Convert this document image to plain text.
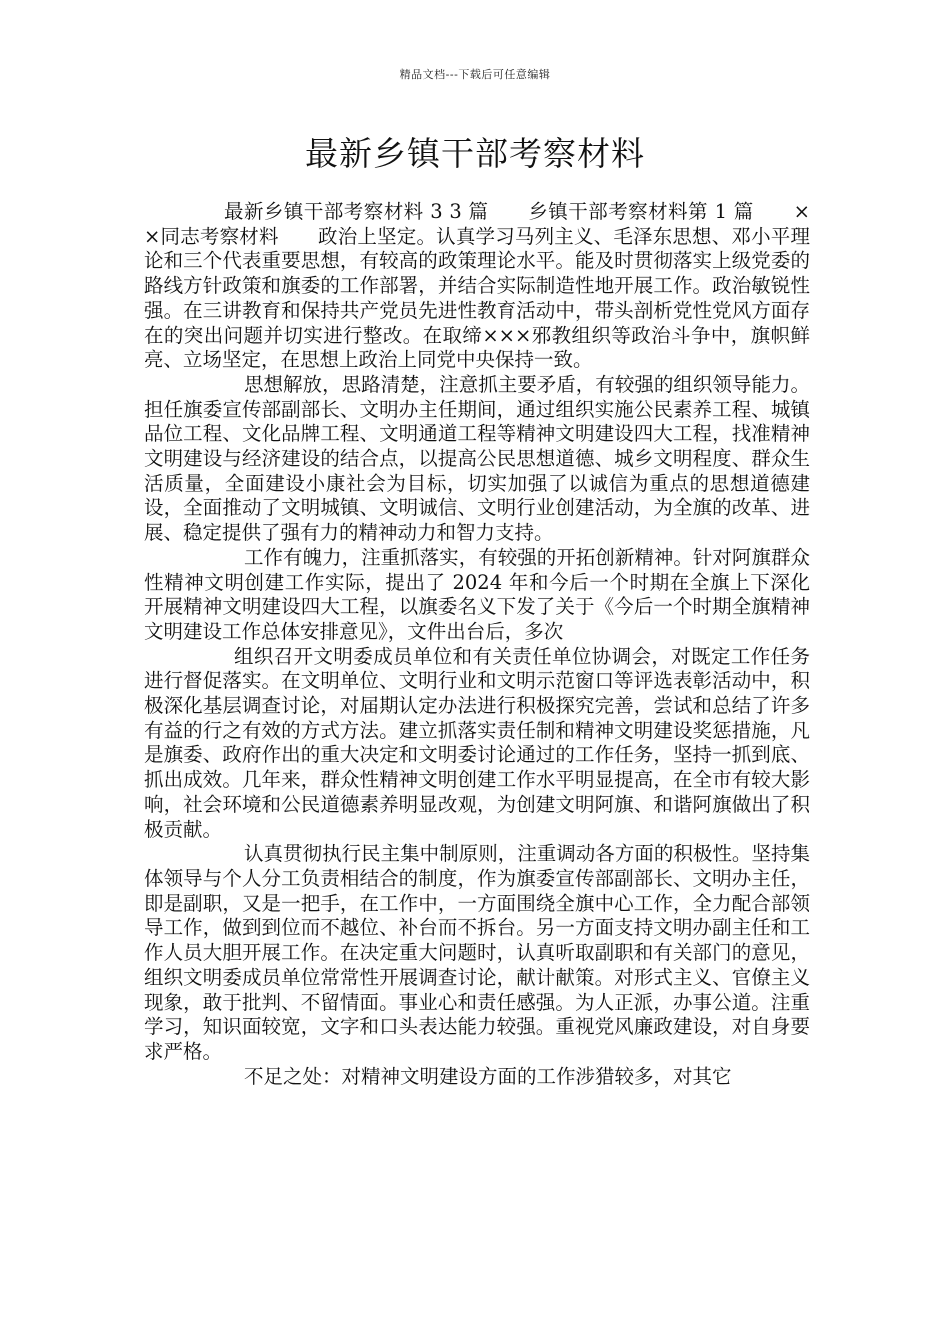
精品文档---下载后可任意编辑
最新乡镇干部考察材料

最新乡镇干部考察材料 3 3 篇　　乡镇干部考察材料第 1 篇　　××同志考察材料　　政治上坚定。认真学习马列主义、毛泽东思想、邓小平理论和三个代表重要思想，有较高的政策理论水平。能及时贯彻落实上级党委的路线方针政策和旗委的工作部署，并结合实际制造性地开展工作。政治敏锐性强。在三讲教育和保持共产党员先进性教育活动中，带头剖析党性党风方面存在的突出问题并切实进行整改。在取缔×××邪教组织等政治斗争中，旗帜鲜亮、立场坚定，在思想上政治上同党中央保持一致。

思想解放，思路清楚，注意抓主要矛盾，有较强的组织领导能力。担任旗委宣传部副部长、文明办主任期间，通过组织实施公民素养工程、城镇品位工程、文化品牌工程、文明通道工程等精神文明建设四大工程，找准精神文明建设与经济建设的结合点，以提高公民思想道德、城乡文明程度、群众生活质量，全面建设小康社会为目标，切实加强了以诚信为重点的思想道德建设，全面推动了文明城镇、文明诚信、文明行业创建活动，为全旗的改革、进展、稳定提供了强有力的精神动力和智力支持。

工作有魄力，注重抓落实，有较强的开拓创新精神。针对阿旗群众性精神文明创建工作实际，提出了 2024 年和今后一个时期在全旗上下深化开展精神文明建设四大工程，以旗委名义下发了关于《今后一个时期全旗精神文明建设工作总体安排意见》，文件出台后，多次

组织召开文明委成员单位和有关责任单位协调会，对既定工作任务进行督促落实。在文明单位、文明行业和文明示范窗口等评选表彰活动中，积极深化基层调查讨论，对届期认定办法进行积极探究完善，尝试和总结了许多有益的行之有效的方式方法。建立抓落实责任制和精神文明建设奖惩措施，凡是旗委、政府作出的重大决定和文明委讨论通过的工作任务，坚持一抓到底、抓出成效。几年来，群众性精神文明创建工作水平明显提高，在全市有较大影响，社会环境和公民道德素养明显改观，为创建文明阿旗、和谐阿旗做出了积极贡献。

认真贯彻执行民主集中制原则，注重调动各方面的积极性。坚持集体领导与个人分工负责相结合的制度，作为旗委宣传部副部长、文明办主任，即是副职，又是一把手，在工作中，一方面围绕全旗中心工作，全力配合部领导工作，做到到位而不越位、补台而不拆台。另一方面支持文明办副主任和工作人员大胆开展工作。在决定重大问题时，认真听取副职和有关部门的意见，组织文明委成员单位常常性开展调查讨论，献计献策。对形式主义、官僚主义现象，敢于批判、不留情面。事业心和责任感强。为人正派，办事公道。注重学习，知识面较宽，文字和口头表达能力较强。重视党风廉政建设，对自身要求严格。

不足之处：对精神文明建设方面的工作涉猎较多，对其它
